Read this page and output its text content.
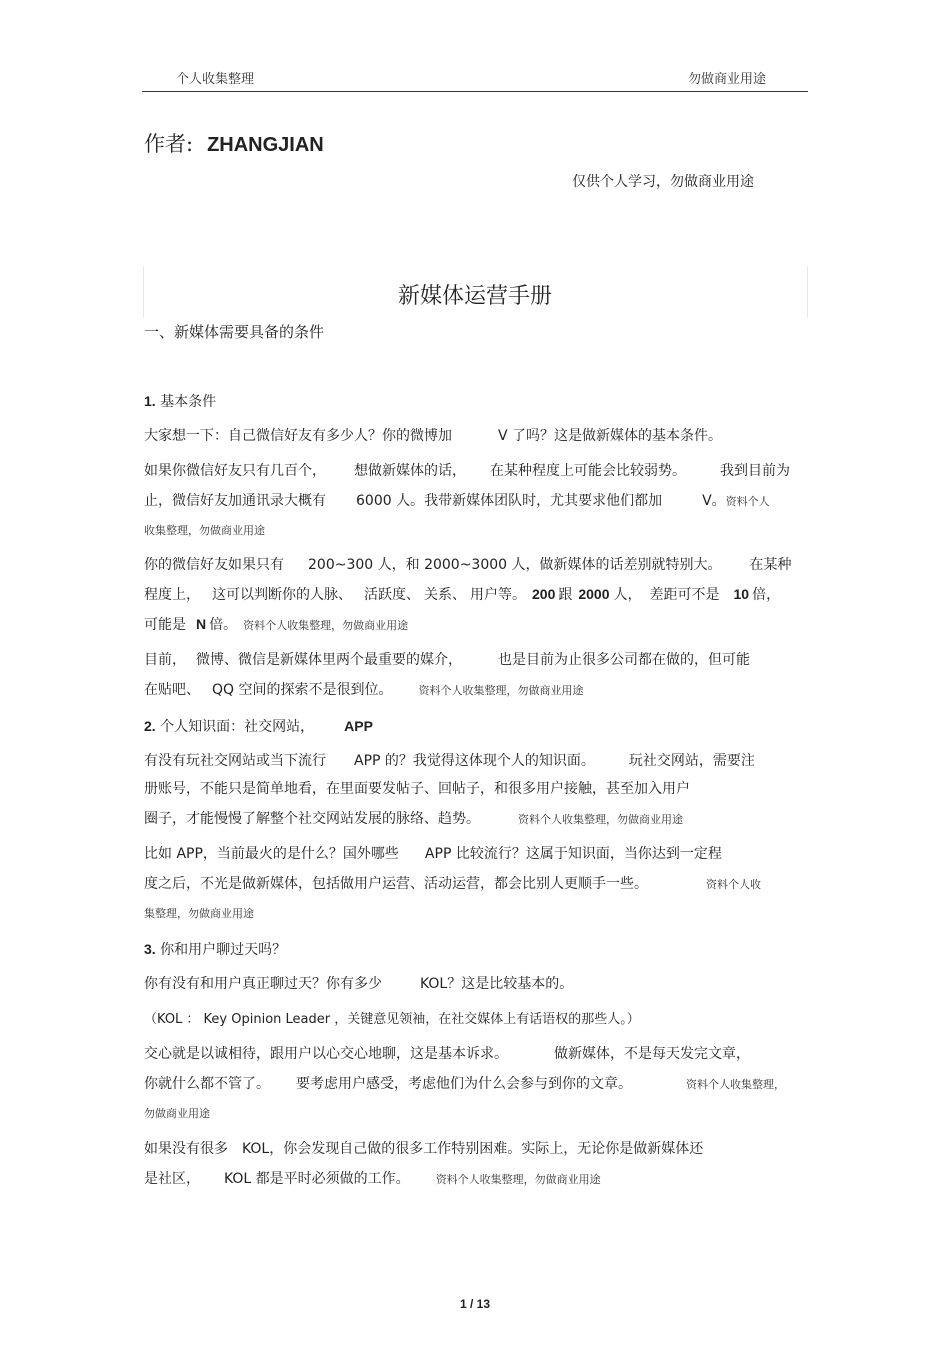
个人收集整理	勿做商业用途
作者: ZHANGJIAN
仅供个人学习，勿做商业用途
新媒体运营手册
一、新媒体需要具备的条件
1. 基本条件
大家想一下：自己微信好友有多少人？你的微博加	V 了吗？这是做新媒体的基本条件。
如果你微信好友只有几百个， 想做新媒体的话， 在某种程度上可能会比较弱势。 我到目前为
止，微信好友加通讯录大概有 6000 人。我带新媒体团队时，尤其要求他们都加	V。资料个人
收集整理，勿做商业用途
你的微信好友如果只有 200~300 人，和 2000~3000 人，做新媒体的话差别就特别大。 在某种
程度上， 这可以判断你的人脉、 活跃度、 关系、 用户等。 200 跟 2000 人， 差距可不是 10 倍，
可能是 N 倍。 资料个人收集整理，勿做商业用途
目前， 微博、微信是新媒体里两个最重要的媒介，	也是目前为止很多公司都在做的，但可能
在贴吧、 QQ 空间的探索不是很到位。 资料个人收集整理，勿做商业用途
2. 个人知识面：社交网站， APP
有没有玩社交网站或当下流行 APP 的？我觉得这体现个人的知识面。 玩社交网站，需要注
册账号，不能只是简单地看，在里面要发帖子、回帖子，和很多用户接触，甚至加入用户
圈子，才能慢慢了解整个社交网站发展的脉络、趋势。	资料个人收集整理，勿做商业用途
比如 APP，当前最火的是什么？国外哪些 APP 比较流行？这属于知识面，当你达到一定程
度之后，不光是做新媒体，包括做用户运营、活动运营，都会比别人更顺手一些。	资料个人收
集整理，勿做商业用途
3. 你和用户聊过天吗？
你有没有和用户真正聊过天？你有多少	KOL？这是比较基本的。
（KOL ： Key Opinion Leader ，关键意见领袖，在社交媒体上有话语权的那些人。）
交心就是以诚相待，跟用户以心交心地聊，这是基本诉求。	做新媒体，不是每天发完文章，
你就什么都不管了。 要考虑用户感受，考虑他们为什么会参与到你的文章。	资料个人收集整理，
勿做商业用途
如果没有很多 KOL，你会发现自己做的很多工作特别困难。实际上，无论你是做新媒体还
是社区， KOL 都是平时必须做的工作。 资料个人收集整理，勿做商业用途
1 / 13
